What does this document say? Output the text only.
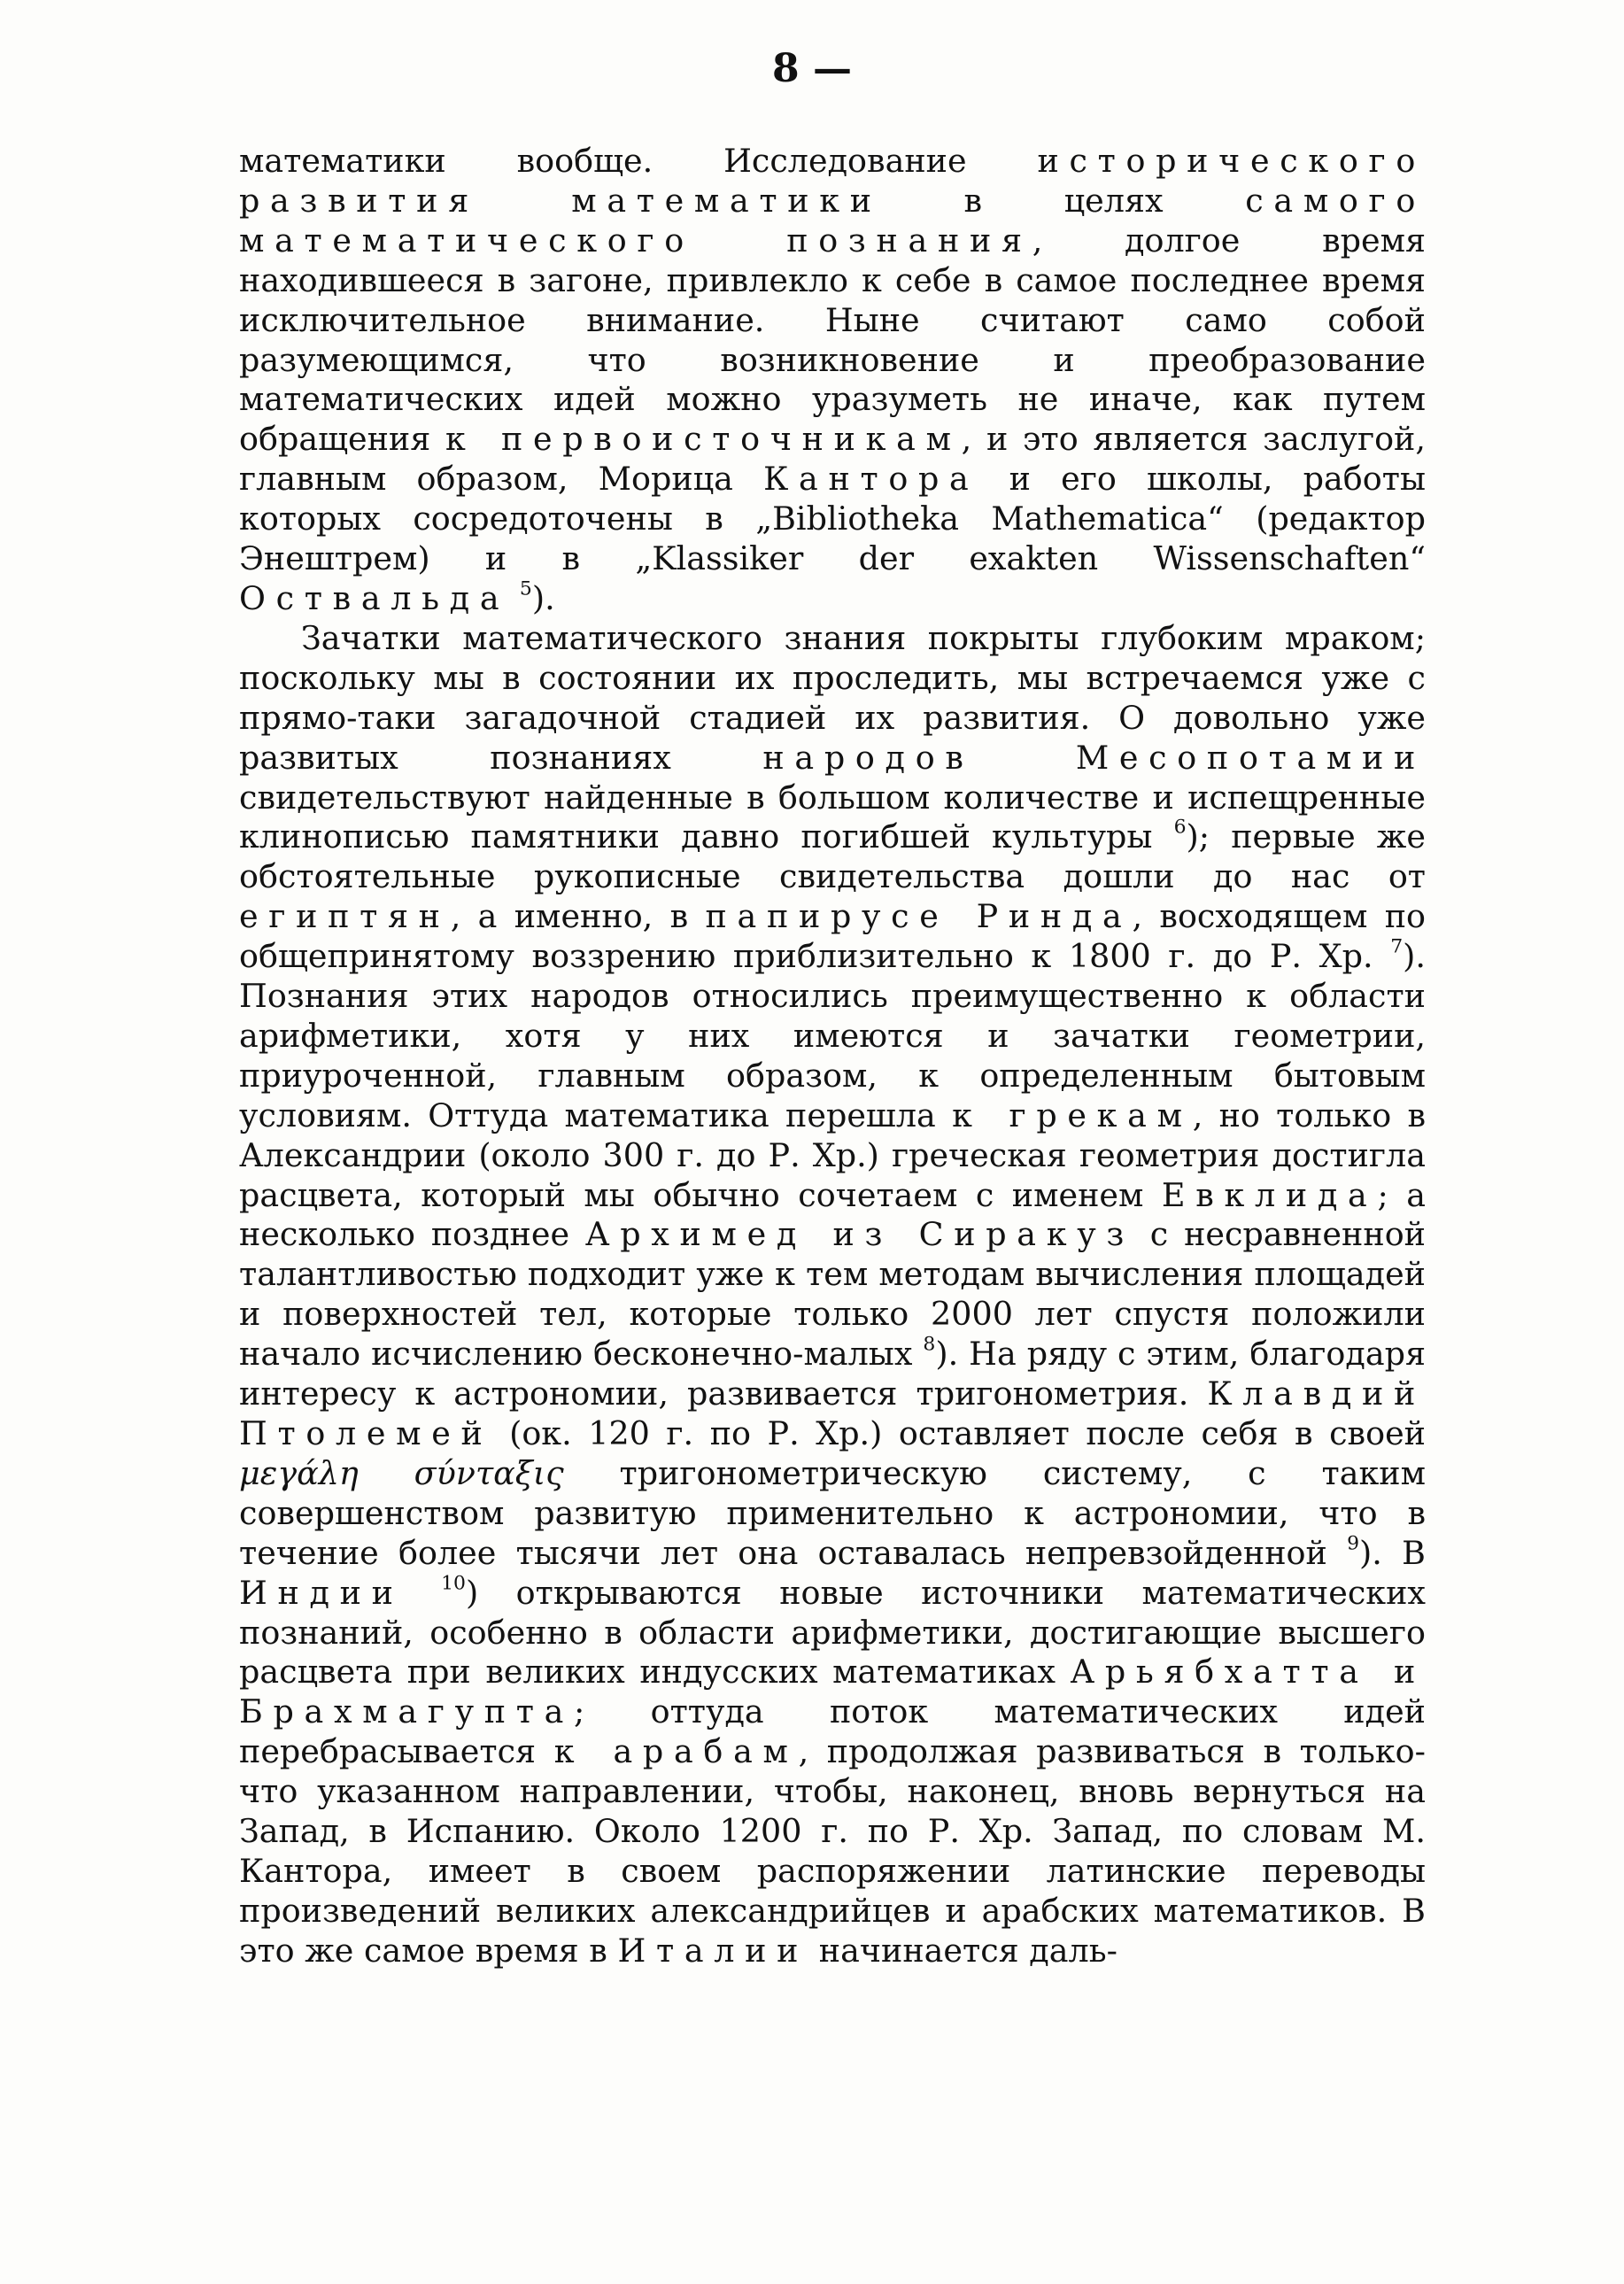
8 —

математики вообще. Исследование исторического развития математики в целях самого математического познания, долгое время находившееся в загоне, привлекло к себе в самое последнее время исключительное внимание. Ныне считают само собой разумеющимся, что возникновение и преобразование математических идей можно уразуметь не иначе, как путем обращения к первоисточникам, и это является заслугой, главным образом, Морица Кантора и его школы, работы которых сосредоточены в „Bibliotheka Mathematica“ (редактор Энештрем) и в „Klassiker der exakten Wissenschaften“ Оствальда $^5$).

Зачатки математического знания покрыты глубоким мраком; поскольку мы в состоянии их проследить, мы встречаемся уже с прямо-таки загадочной стадией их развития. О довольно уже развитых познаниях народов Месопотамии свидетельствуют найденные в большом количестве и испещренные клинописью памятники давно погибшей культуры $^6$); первые же обстоятельные рукописные свидетельства дошли до нас от египтян, а именно, в папирусе Ринда, восходящем по общепринятому воззрению приблизительно к 1800 г. до Р. Хр. $^7$). Познания этих народов относились преимущественно к области арифметики, хотя у них имеются и зачатки геометрии, приуроченной, главным образом, к определенным бытовым условиям. Оттуда математика перешла к грекам, но только в Александрии (около 300 г. до Р. Хр.) греческая геометрия достигла расцвета, который мы обычно сочетаем с именем Евклида; а несколько позднее Архимед из Сиракуз с несравненной талантливостью подходит уже к тем методам вычисления площадей и поверхностей тел, которые только 2000 лет спустя положили начало исчислению бесконечно-малых $^8$). На ряду с этим, благодаря интересу к астрономии, развивается тригонометрия. Клавдий Птолемей (ок. 120 г. по Р. Хр.) оставляет после себя в своей μεγάλη σύνταξις тригонометрическую систему, с таким совершенством развитую применительно к астрономии, что в течение более тысячи лет она оставалась непревзойденной $^9$). В Индии $^{10}$) открываются новые источники математических познаний, особенно в области арифметики, достигающие высшего расцвета при великих индусских математиках Арьябхатта и Брахмагупта; оттуда поток математических идей перебрасывается к арабам, продолжая развиваться в только-что указанном направлении, чтобы, наконец, вновь вернуться на Запад, в Испанию. Около 1200 г. по Р. Хр. Запад, по словам М. Кантора, имеет в своем распоряжении латинские переводы произведений великих александрийцев и арабских математиков. В это же самое время в Италии начинается даль-
